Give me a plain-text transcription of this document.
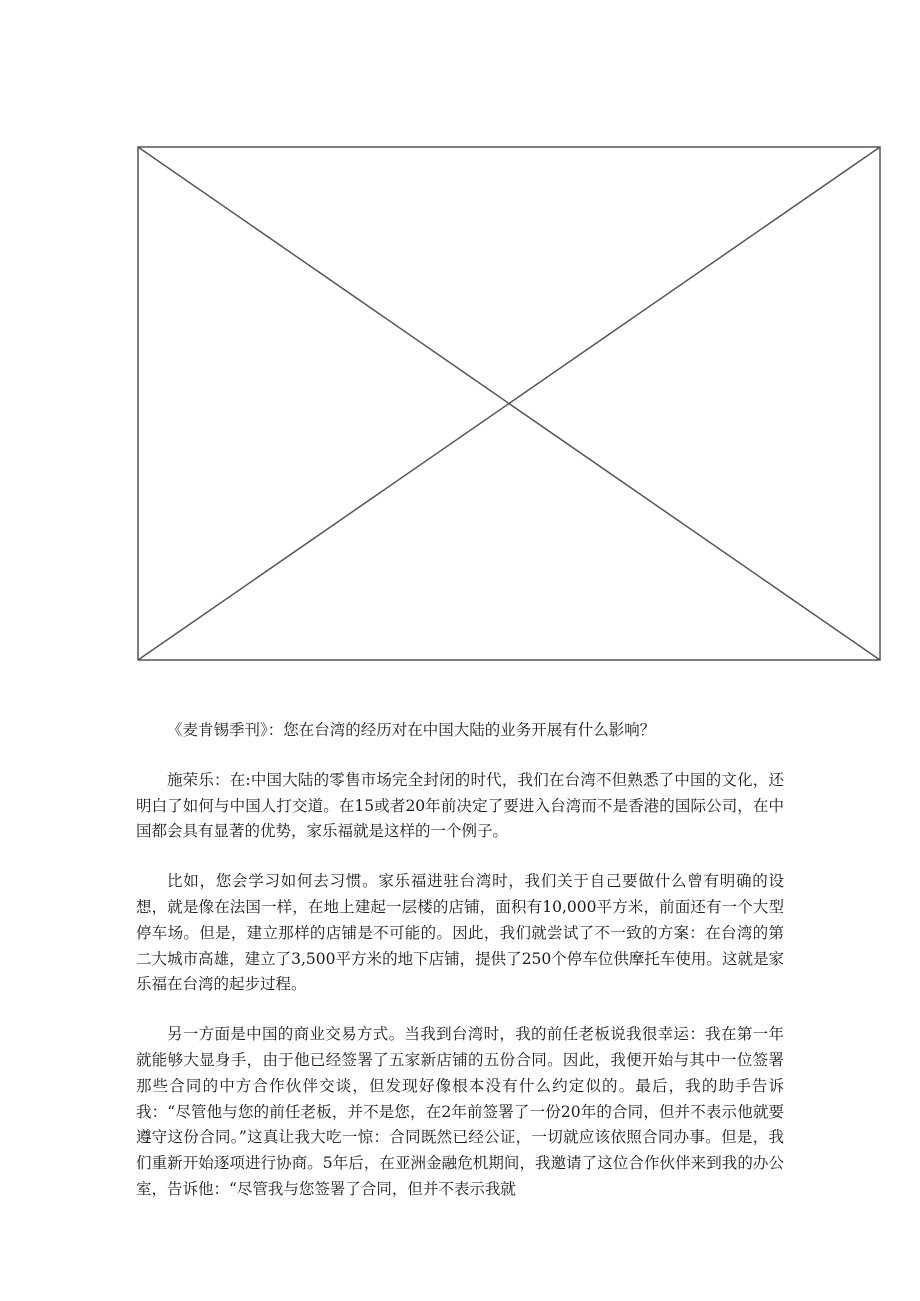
《麦肯锡季刊》：您在台湾的经历对在中国大陆的业务开展有什么影响？

施荣乐：在:中国大陆的零售市场完全封闭的时代，我们在台湾不但熟悉了中国的文化，还明白了如何与中国人打交道。在15或者20年前决定了要进入台湾而不是香港的国际公司，在中国都会具有显著的优势，家乐福就是这样的一个例子。

比如，您会学习如何去习惯。家乐福进驻台湾时，我们关于自己要做什么曾有明确的设想，就是像在法国一样，在地上建起一层楼的店铺，面积有10,000平方米，前面还有一个大型停车场。但是，建立那样的店铺是不可能的。因此，我们就尝试了不一致的方案：在台湾的第二大城市高雄，建立了3,500平方米的地下店铺，提供了250个停车位供摩托车使用。这就是家乐福在台湾的起步过程。

另一方面是中国的商业交易方式。当我到台湾时，我的前任老板说我很幸运：我在第一年就能够大显身手，由于他已经签署了五家新店铺的五份合同。因此，我便开始与其中一位签署那些合同的中方合作伙伴交谈，但发现好像根本没有什么约定似的。最后，我的助手告诉我：“尽管他与您的前任老板，并不是您，在2年前签署了一份20年的合同，但并不表示他就要遵守这份合同。”这真让我大吃一惊：合同既然已经公证，一切就应该依照合同办事。但是，我们重新开始逐项进行协商。5年后，在亚洲金融危机期间，我邀请了这位合作伙伴来到我的办公室，告诉他：“尽管我与您签署了合同，但并不表示我就
